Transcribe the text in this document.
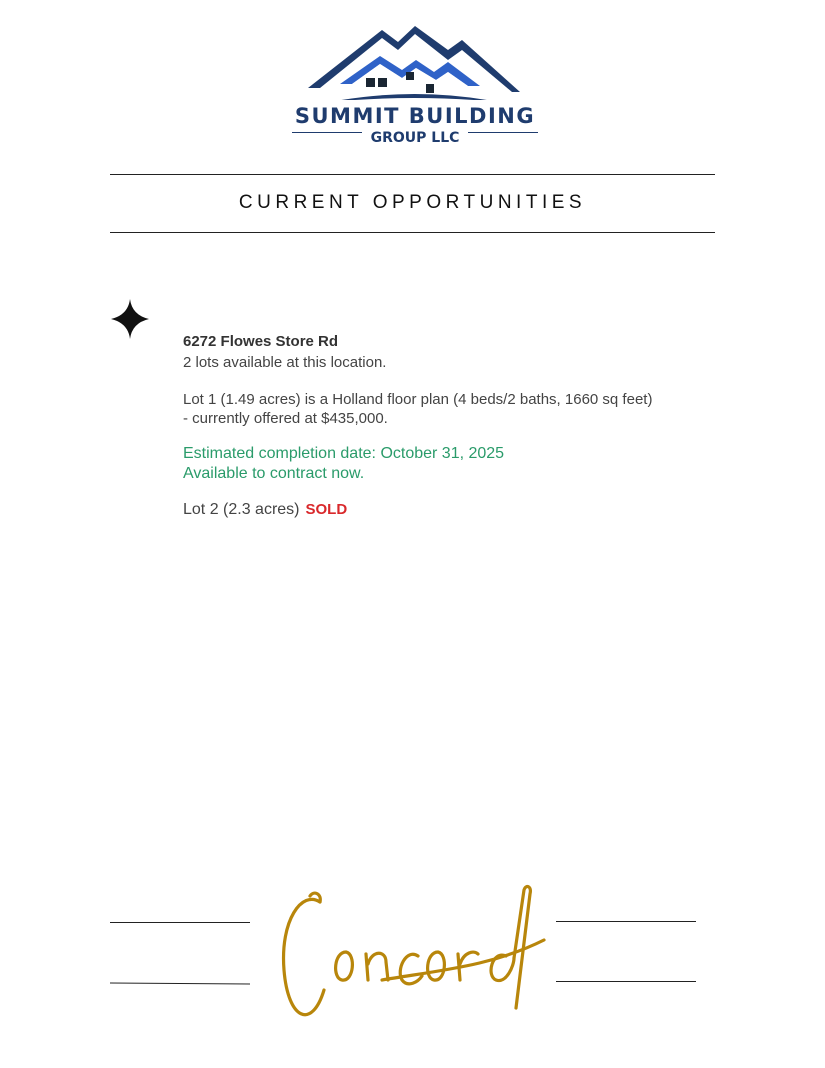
SUMMIT BUILDING
GROUP LLC
CURRENT OPPORTUNITIES
6272 Flowes Store Rd
2 lots available at this location.
Lot 1 (1.49 acres) is a Holland floor plan (4 beds/2 baths, 1660 sq feet) - currently offered at $435,000.
Estimated completion date: October 31, 2025
Available to contract now.
Lot 2 (2.3 acres) SOLD
